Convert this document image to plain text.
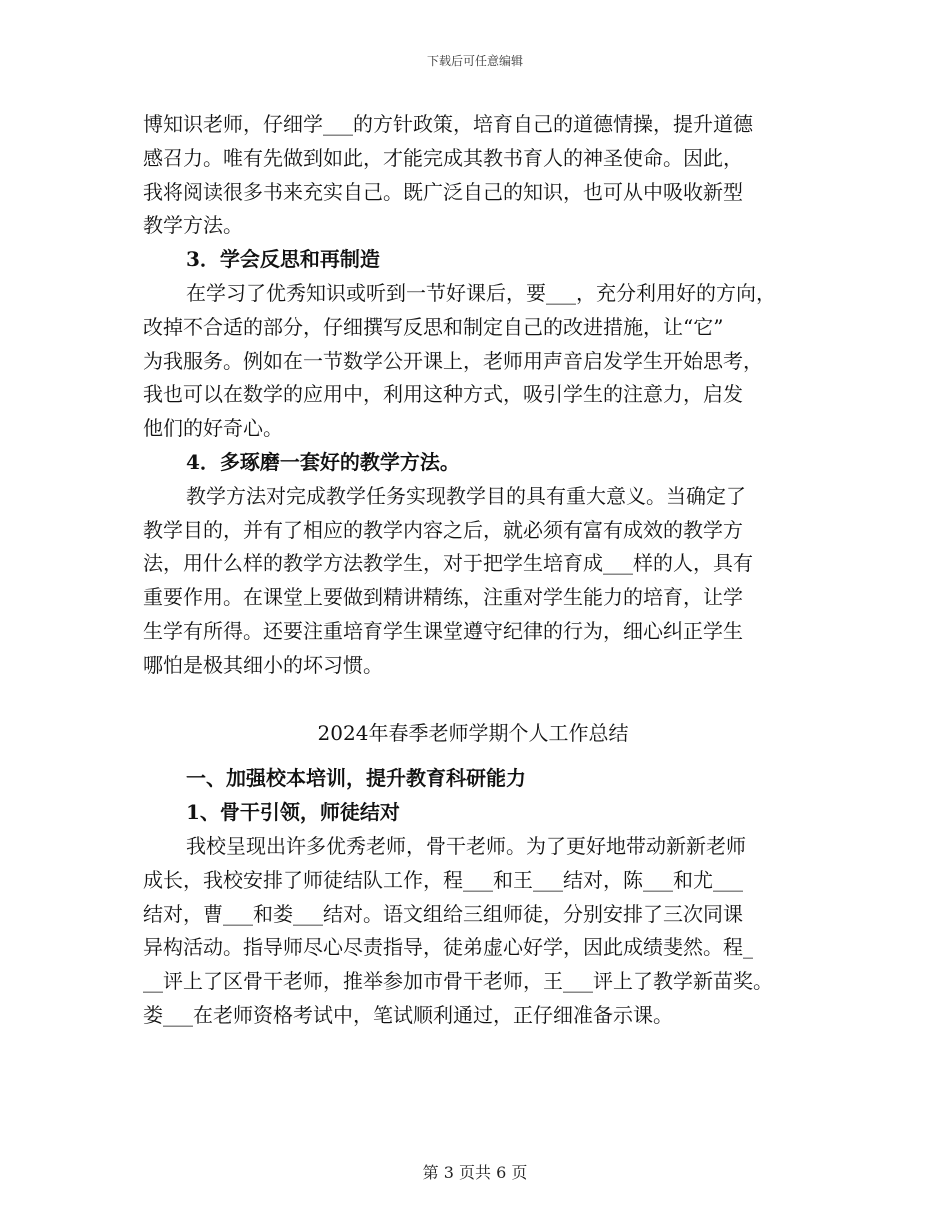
下载后可任意编辑

博知识老师，仔细学___的方针政策，培育自己的道德情操，提升道德

感召力。唯有先做到如此，才能完成其教书育人的神圣使命。因此，

我将阅读很多书来充实自己。既广泛自己的知识，也可从中吸收新型

教学方法。

3．学会反思和再制造

在学习了优秀知识或听到一节好课后，要___，充分利用好的方向，

改掉不合适的部分，仔细撰写反思和制定自己的改进措施，让“它”

为我服务。例如在一节数学公开课上，老师用声音启发学生开始思考，

我也可以在数学的应用中，利用这种方式，吸引学生的注意力，启发

他们的好奇心。

4．多琢磨一套好的教学方法。

教学方法对完成教学任务实现教学目的具有重大意义。当确定了

教学目的，并有了相应的教学内容之后，就必须有富有成效的教学方

法，用什么样的教学方法教学生，对于把学生培育成___样的人，具有

重要作用。在课堂上要做到精讲精练，注重对学生能力的培育，让学

生学有所得。还要注重培育学生课堂遵守纪律的行为，细心纠正学生

哪怕是极其细小的坏习惯。

2024年春季老师学期个人工作总结

一、加强校本培训，提升教育科研能力

1、骨干引领，师徒结对

我校呈现出许多优秀老师，骨干老师。为了更好地带动新新老师

成长，我校安排了师徒结队工作，程___和王___结对，陈___和尤___

结对，曹___和娄___结对。语文组给三组师徒，分别安排了三次同课

异构活动。指导师尽心尽责指导，徒弟虚心好学，因此成绩斐然。程_

__评上了区骨干老师，推举参加市骨干老师，王___评上了教学新苗奖。

娄___在老师资格考试中，笔试顺利通过，正仔细准备示课。

第 3 页共 6 页
